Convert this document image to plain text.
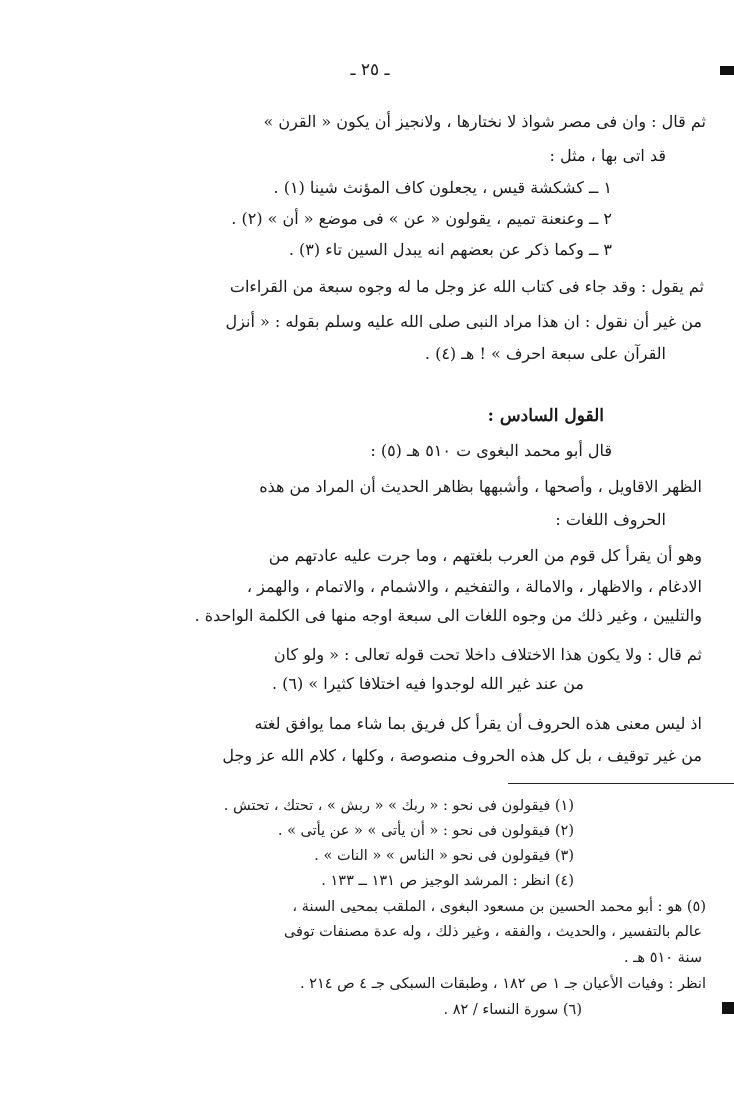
ـ ٢٥ ـ
ثم قال : وان فى مصر شواذ لا نختارها ، ولانجيز أن يكون « القرن »
قد اتى بها ، مثل :
١ ــ كشكشة قيس ، يجعلون كاف المؤنث شينا (١) .
٢ ــ وعنعنة تميم ، يقولون « عن » فى موضع « أن » (٢) .
٣ ــ وكما ذكر عن بعضهم انه يبدل السين تاء (٣) .
ثم يقول : وقد جاء فى كتاب الله عز وجل ما له وجوه سبعة من القراءات
من غير أن نقول : ان هذا مراد النبى صلى الله عليه وسلم بقوله : « أنزل
القرآن على سبعة احرف » ! هـ (٤) .
القول السادس :
قال أبو محمد البغوى ت ٥١٠ هـ (٥) :
الظهر الاقاويل ، وأصحها ، وأشبهها بظاهر الحديث أن المراد من هذه
الحروف اللغات :
وهو أن يقرأ كل قوم من العرب بلغتهم ، وما جرت عليه عادتهم من
الادغام ، والاظهار ، والامالة ، والتفخيم ، والاشمام ، والاتمام ، والهمز ،
والتليين ، وغير ذلك من وجوه اللغات الى سبعة اوجه منها فى الكلمة الواحدة .
ثم قال : ولا يكون هذا الاختلاف داخلا تحت قوله تعالى : « ولو كان
من عند غير الله لوجدوا فيه اختلافا كثيرا » (٦) .
اذ ليس معنى هذه الحروف أن يقرأ كل فريق بما شاء مما يوافق لغته
من غير توقيف ، بل كل هذه الحروف منصوصة ، وكلها ، كلام الله عز وجل
(١) فيقولون فى نحو : « ربك » « ربش » ، تحتك ، تحتش .
(٢) فيقولون فى نحو : « أن يأتى » « عن يأتى » .
(٣) فيقولون فى نحو « الناس » « النات » .
(٤) انظر : المرشد الوجيز ص ١٣١ ــ ١٣٣ .
(٥) هو : أبو محمد الحسين بن مسعود البغوى ، الملقب بمحيى السنة ،
عالم بالتفسير ، والحديث ، والفقه ، وغير ذلك ، وله عدة مصنفات توفى
سنة ٥١٠ هـ .
انظر : وفيات الأعيان جـ ١ ص ١٨٢ ، وطبقات السبكى جـ ٤ ص ٢١٤ .
(٦) سورة النساء / ٨٢ .
